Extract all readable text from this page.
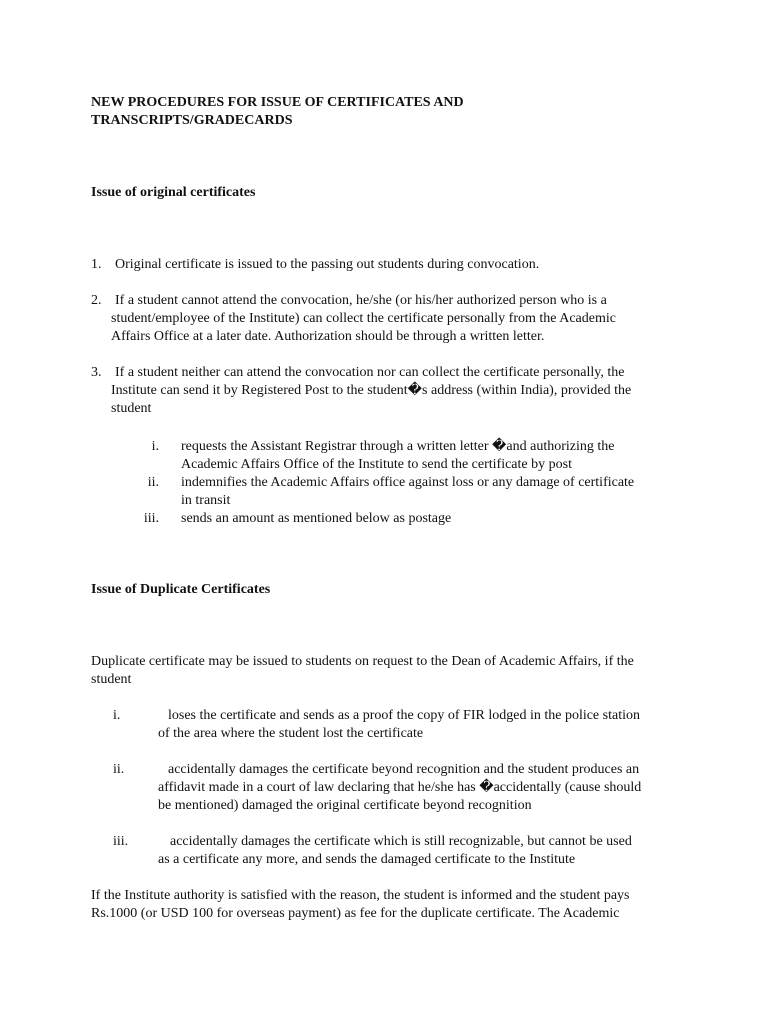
NEW PROCEDURES FOR ISSUE OF CERTIFICATES AND
TRANSCRIPTS/GRADECARDS
Issue of original certificates
1. Original certificate is issued to the passing out students during convocation.
2. If a student cannot attend the convocation, he/she (or his/her authorized person who is a
student/employee of the Institute) can collect the certificate personally from the Academic
Affairs Office at a later date. Authorization should be through a written letter.
3. If a student neither can attend the convocation nor can collect the certificate personally, the
Institute can send it by Registered Post to the student�s address (within India), provided the
student
i. requests the Assistant Registrar through a written letter �and authorizing the
Academic Affairs Office of the Institute to send the certificate by post
ii. indemnifies the Academic Affairs office against loss or any damage of certificate
in transit
iii. sends an amount as mentioned below as postage
Issue of Duplicate Certificates
Duplicate certificate may be issued to students on request to the Dean of Academic Affairs, if the
student
i.	loses the certificate and sends as a proof the copy of FIR lodged in the police station
of the area where the student lost the certificate
ii.	accidentally damages the certificate beyond recognition and the student produces an
affidavit made in a court of law declaring that he/she has �accidentally (cause should
be mentioned) damaged the original certificate beyond recognition
iii.	accidentally damages the certificate which is still recognizable, but cannot be used
as a certificate any more, and sends the damaged certificate to the Institute
If the Institute authority is satisfied with the reason, the student is informed and the student pays
Rs.1000 (or USD 100 for overseas payment) as fee for the duplicate certificate. The Academic
